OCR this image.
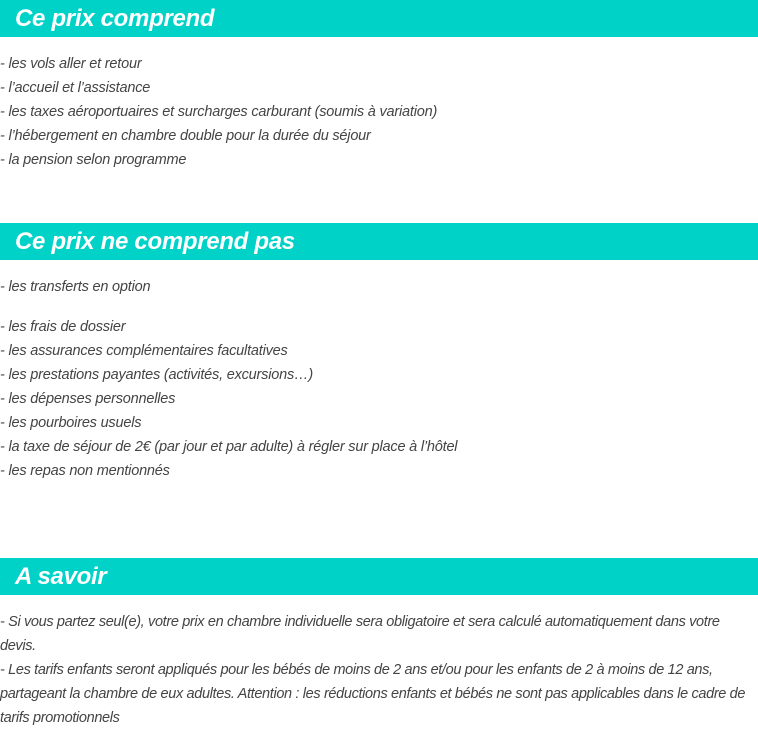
Ce prix comprend
- les vols aller et retour
- l’accueil et l’assistance
- les taxes aéroportuaires et surcharges carburant (soumis à variation)
- l’hébergement en chambre double pour la durée du séjour
- la pension selon programme
Ce prix ne comprend pas
- les transferts en option
- les frais de dossier
- les assurances complémentaires facultatives
- les prestations payantes (activités, excursions…)
- les dépenses personnelles
- les pourboires usuels
- la taxe de séjour de 2€ (par jour et par adulte) à régler sur place à l’hôtel
- les repas non mentionnés
A savoir
- Si vous partez seul(e), votre prix en chambre individuelle sera obligatoire et sera calculé automatiquement dans votre devis.
- Les tarifs enfants seront appliqués pour les bébés de moins de 2 ans et/ou pour les enfants de 2 à moins de 12 ans, partageant la chambre de eux adultes. Attention : les réductions enfants et bébés ne sont pas applicables dans le cadre de tarifs promotionnels
